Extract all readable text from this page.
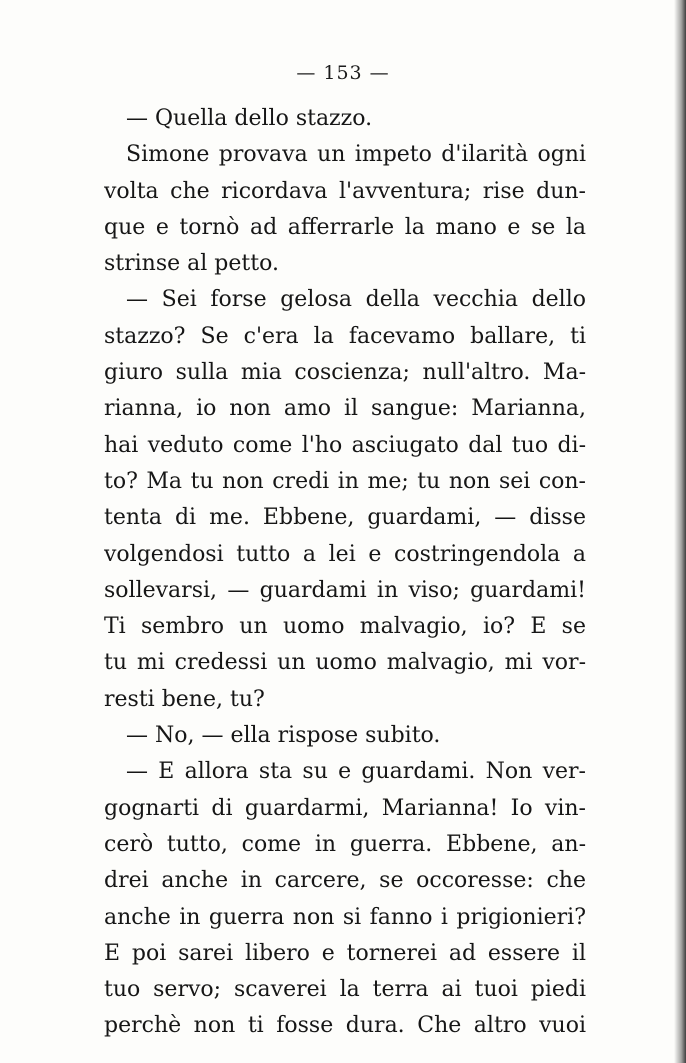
— 153 —
— Quella dello stazzo.
Simone provava un impeto d'ilarità ogni
volta che ricordava l'avventura; rise dun-
que e tornò ad afferrarle la mano e se la
strinse al petto.
— Sei forse gelosa della vecchia dello
stazzo? Se c'era la facevamo ballare, ti
giuro sulla mia coscienza; null'altro. Ma-
rianna, io non amo il sangue: Marianna,
hai veduto come l'ho asciugato dal tuo di-
to? Ma tu non credi in me; tu non sei con-
tenta di me. Ebbene, guardami, — disse
volgendosi tutto a lei e costringendola a
sollevarsi, — guardami in viso; guardami!
Ti sembro un uomo malvagio, io? E se
tu mi credessi un uomo malvagio, mi vor-
resti bene, tu?
— No, — ella rispose subito.
— E allora sta su e guardami. Non ver-
gognarti di guardarmi, Marianna! Io vin-
cerò tutto, come in guerra. Ebbene, an-
drei anche in carcere, se occoresse: che
anche in guerra non si fanno i prigionieri?
E poi sarei libero e tornerei ad essere il
tuo servo; scaverei la terra ai tuoi piedi
perchè non ti fosse dura. Che altro vuoi
